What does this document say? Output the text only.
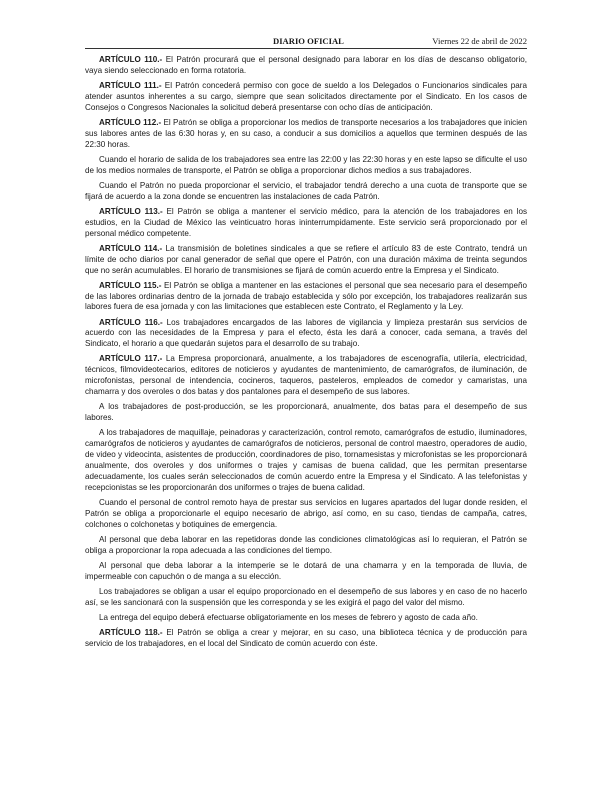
DIARIO OFICIAL	Viernes 22 de abril de 2022

ARTÍCULO 110.- El Patrón procurará que el personal designado para laborar en los días de descanso obligatorio, vaya siendo seleccionado en forma rotatoria.

ARTÍCULO 111.- El Patrón concederá permiso con goce de sueldo a los Delegados o Funcionarios sindicales para atender asuntos inherentes a su cargo, siempre que sean solicitados directamente por el Sindicato. En los casos de Consejos o Congresos Nacionales la solicitud deberá presentarse con ocho días de anticipación.

ARTÍCULO 112.- El Patrón se obliga a proporcionar los medios de transporte necesarios a los trabajadores que inicien sus labores antes de las 6:30 horas y, en su caso, a conducir a sus domicilios a aquellos que terminen después de las 22:30 horas.

Cuando el horario de salida de los trabajadores sea entre las 22:00 y las 22:30 horas y en este lapso se dificulte el uso de los medios normales de transporte, el Patrón se obliga a proporcionar dichos medios a sus trabajadores.

Cuando el Patrón no pueda proporcionar el servicio, el trabajador tendrá derecho a una cuota de transporte que se fijará de acuerdo a la zona donde se encuentren las instalaciones de cada Patrón.

ARTÍCULO 113.- El Patrón se obliga a mantener el servicio médico, para la atención de los trabajadores en los estudios, en la Ciudad de México las veinticuatro horas ininterrumpidamente. Este servicio será proporcionado por el personal médico competente.

ARTÍCULO 114.- La transmisión de boletines sindicales a que se refiere el artículo 83 de este Contrato, tendrá un límite de ocho diarios por canal generador de señal que opere el Patrón, con una duración máxima de treinta segundos que no serán acumulables. El horario de transmisiones se fijará de común acuerdo entre la Empresa y el Sindicato.

ARTÍCULO 115.- El Patrón se obliga a mantener en las estaciones el personal que sea necesario para el desempeño de las labores ordinarias dentro de la jornada de trabajo establecida y sólo por excepción, los trabajadores realizarán sus labores fuera de esa jornada y con las limitaciones que establecen este Contrato, el Reglamento y la Ley.

ARTÍCULO 116.- Los trabajadores encargados de las labores de vigilancia y limpieza prestarán sus servicios de acuerdo con las necesidades de la Empresa y para el efecto, ésta les dará a conocer, cada semana, a través del Sindicato, el horario a que quedarán sujetos para el desarrollo de su trabajo.

ARTÍCULO 117.- La Empresa proporcionará, anualmente, a los trabajadores de escenografía, utilería, electricidad, técnicos, filmovideotecarios, editores de noticieros y ayudantes de mantenimiento, de camarógrafos, de iluminación, de microfonistas, personal de intendencia, cocineros, taqueros, pasteleros, empleados de comedor y camaristas, una chamarra y dos overoles o dos batas y dos pantalones para el desempeño de sus labores.

A los trabajadores de post-producción, se les proporcionará, anualmente, dos batas para el desempeño de sus labores.

A los trabajadores de maquillaje, peinadoras y caracterización, control remoto, camarógrafos de estudio, iluminadores, camarógrafos de noticieros y ayudantes de camarógrafos de noticieros, personal de control maestro, operadores de audio, de video y videocinta, asistentes de producción, coordinadores de piso, tornamesistas y microfonistas se les proporcionará anualmente, dos overoles y dos uniformes o trajes y camisas de buena calidad, que les permitan presentarse adecuadamente, los cuales serán seleccionados de común acuerdo entre la Empresa y el Sindicato. A las telefonistas y recepcionistas se les proporcionarán dos uniformes o trajes de buena calidad.

Cuando el personal de control remoto haya de prestar sus servicios en lugares apartados del lugar donde residen, el Patrón se obliga a proporcionarle el equipo necesario de abrigo, así como, en su caso, tiendas de campaña, catres, colchones o colchonetas y botiquines de emergencia.

Al personal que deba laborar en las repetidoras donde las condiciones climatológicas así lo requieran, el Patrón se obliga a proporcionar la ropa adecuada a las condiciones del tiempo.

Al personal que deba laborar a la intemperie se le dotará de una chamarra y en la temporada de lluvia, de impermeable con capuchón o de manga a su elección.

Los trabajadores se obligan a usar el equipo proporcionado en el desempeño de sus labores y en caso de no hacerlo así, se les sancionará con la suspensión que les corresponda y se les exigirá el pago del valor del mismo.

La entrega del equipo deberá efectuarse obligatoriamente en los meses de febrero y agosto de cada año.

ARTÍCULO 118.- El Patrón se obliga a crear y mejorar, en su caso, una biblioteca técnica y de producción para servicio de los trabajadores, en el local del Sindicato de común acuerdo con éste.
